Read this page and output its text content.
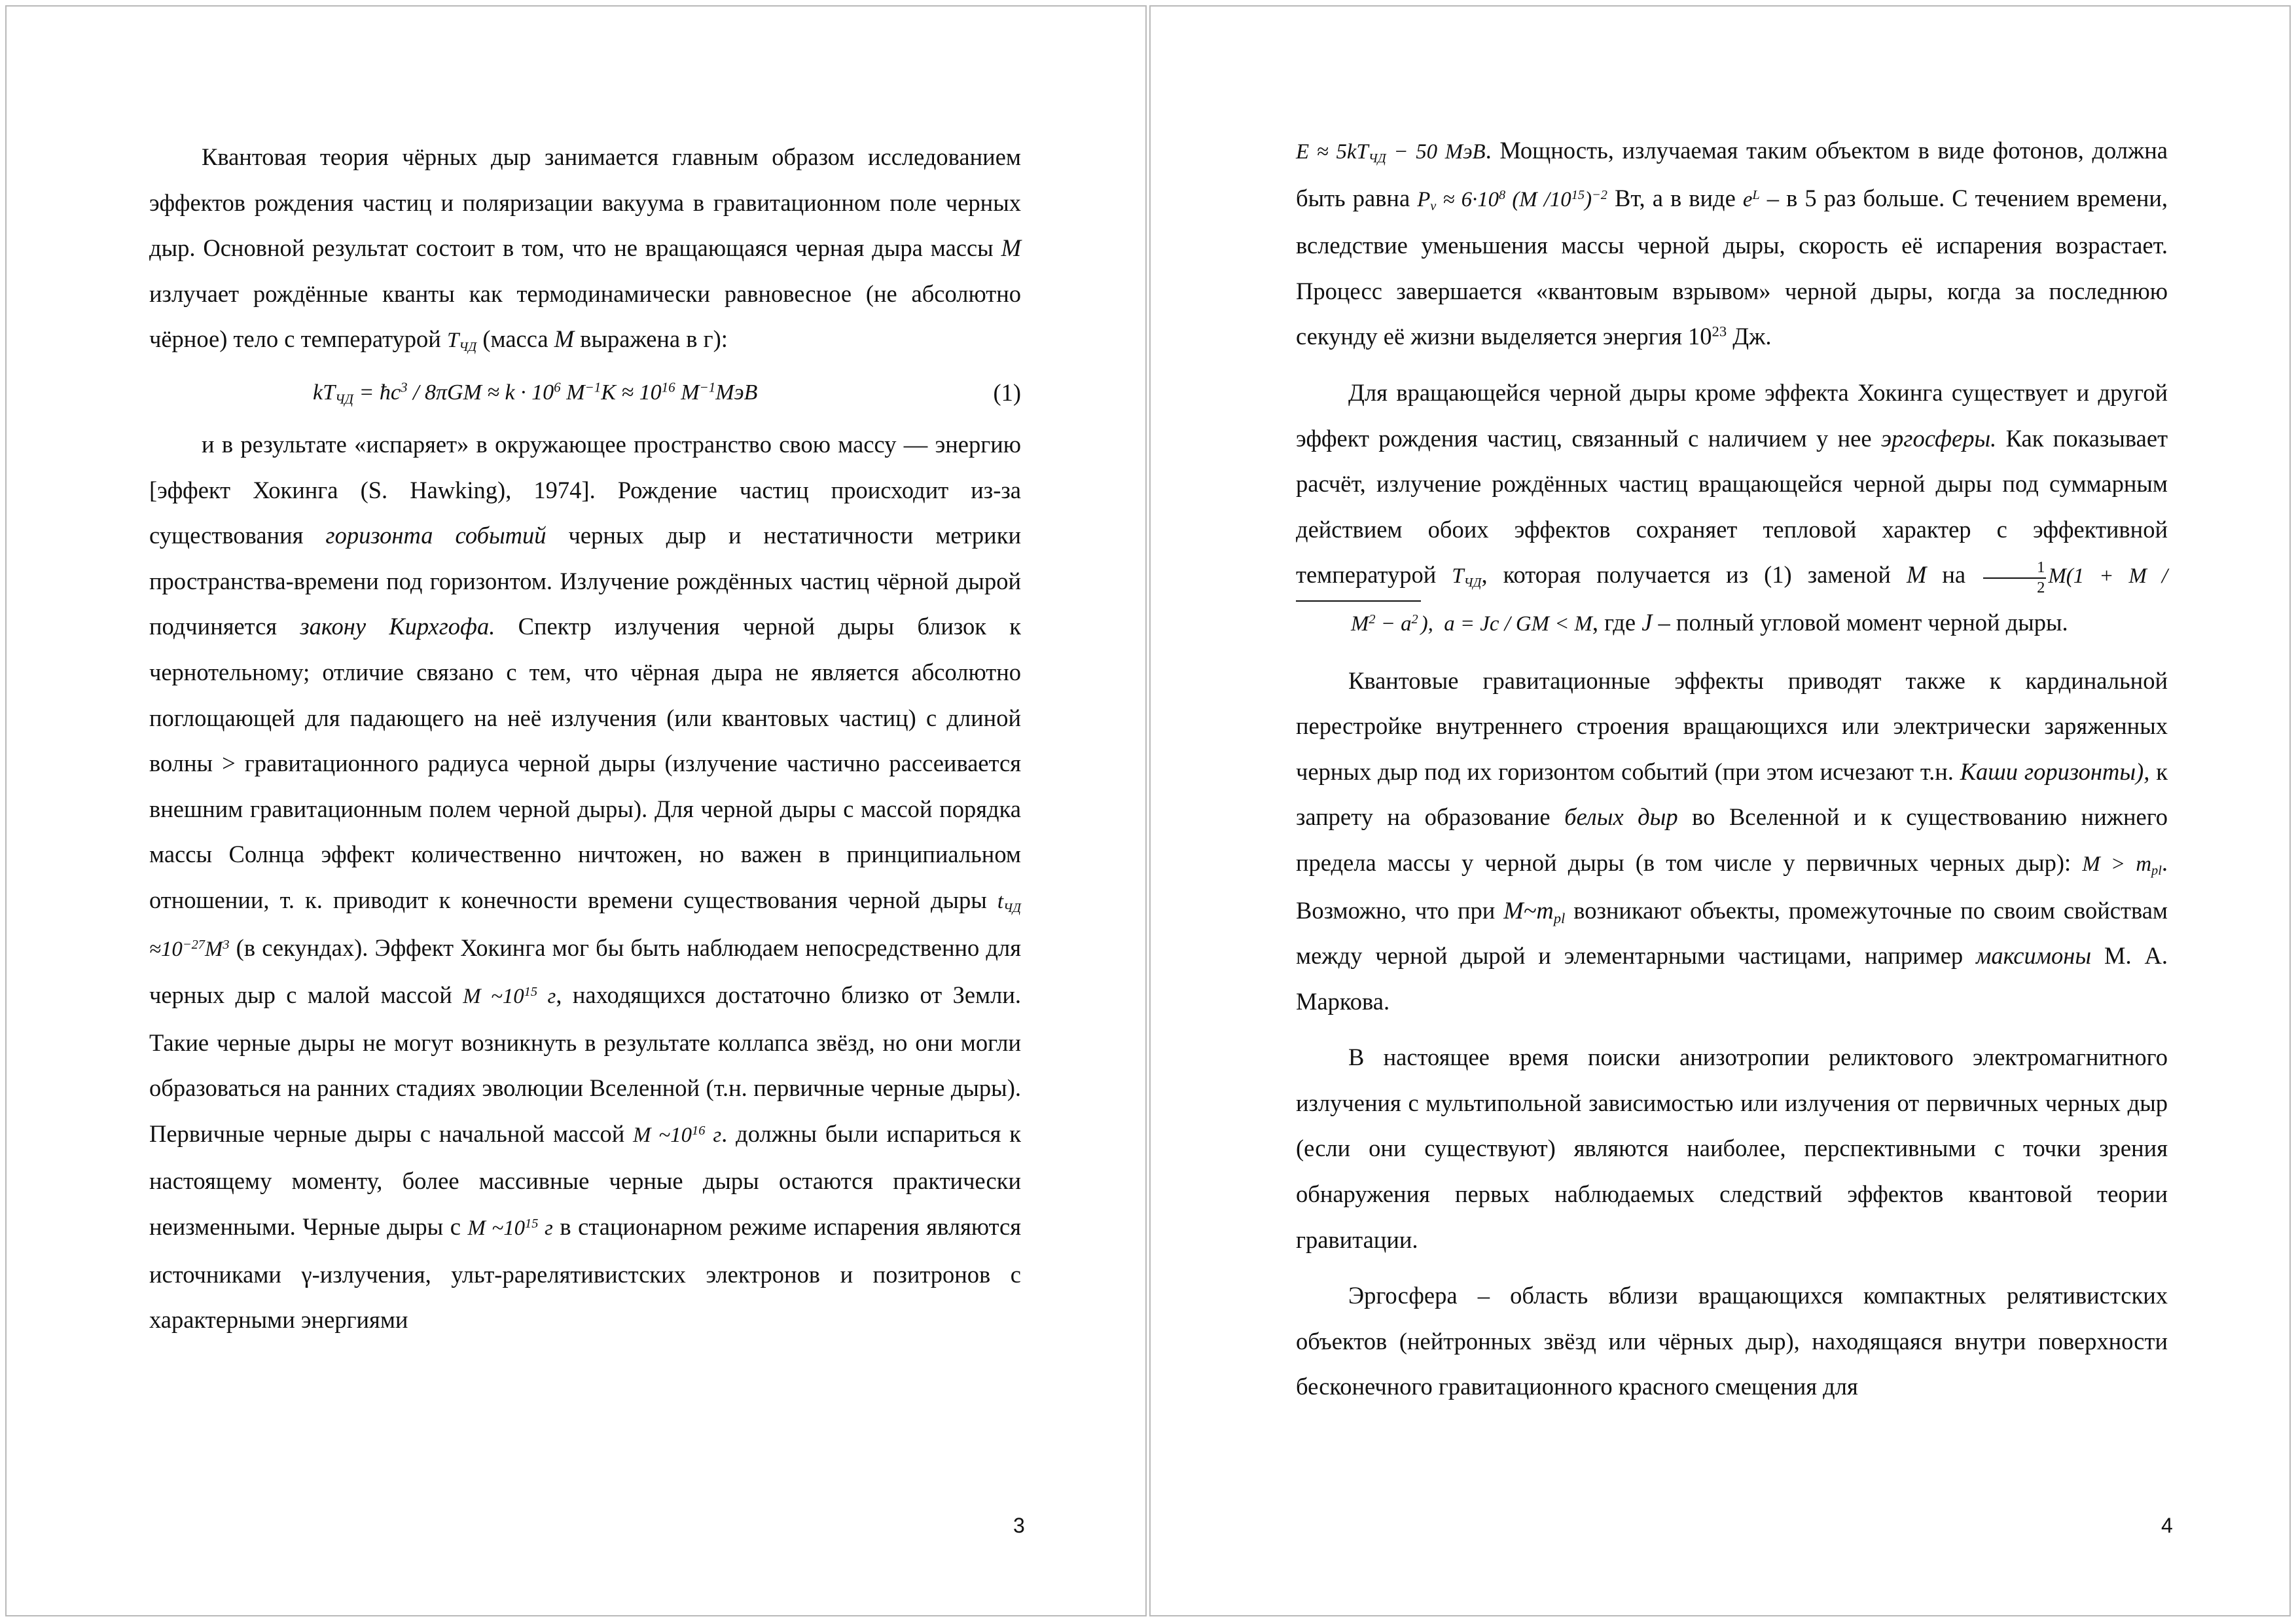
Квантовая теория чёрных дыр занимается главным образом исследованием эффектов рождения частиц и поляризации вакуума в гравитационном поле черных дыр. Основной результат состоит в том, что не вращающаяся черная дыра массы M излучает рождённые кванты как термодинамически равновесное (не абсолютно чёрное) тело с температурой $T_{ЧД}$ (масса M выражена в г):

$kT_{ЧД}$ = $ħc^3 / 8\pi GM \approx k \cdot 10^6$ $M^{-1}K \approx 10^{16}$ $M^{-1}МэВ$	(1)

и в результате «испаряет» в окружающее пространство свою массу — энергию [эффект Хокинга (S. Hawking), 1974]. Рождение частиц происходит из-за существования горизонта событий черных дыр и нестатичности метрики пространства-времени под горизонтом. Излучение рождённых частиц чёрной дырой подчиняется закону Кирхгофа. Спектр излучения черной дыры близок к чернотельному; отличие связано с тем, что чёрная дыра не является абсолютно поглощающей для падающего на неё излучения (или квантовых частиц) с длиной волны > гравитационного радиуса черной дыры (излучение частично рассеивается внешним гравитационным полем черной дыры). Для черной дыры с массой порядка массы Солнца эффект количественно ничтожен, но важен в принципиальном отношении, т. к. приводит к конечности времени существования черной дыры $t_{ЧД} \approx 10^{-27}M^3$ (в секундах). Эффект Хокинга мог бы быть наблюдаем непосредственно для черных дыр с малой массой M $\sim 10^{15}$ г, находящихся достаточно близко от Земли. Такие черные дыры не могут возникнуть в результате коллапса звёзд, но они могли образоваться на ранних стадиях эволюции Вселенной (т.н. первичные черные дыры). Первичные черные дыры с начальной массой M $\sim 10^{16}$ г. должны были испариться к настоящему моменту, более массивные черные дыры остаются практически неизменными. Черные дыры с M $\sim 10^{15}$ г в стационарном режиме испарения являются источниками γ-излучения, ульт-рарелятивистских электронов и позитронов с характерными энергиями

3

$E \approx 5kT_{ЧД} - 50$ МэВ. Мощность, излучаемая таким объектом в виде фотонов, должна быть равна $P_\nu \approx 6\cdot 10^8$ (M $/10^{15})^{-2}$ Вт, а в виде $e^L$ – в 5 раз больше. С течением времени, вследствие уменьшения массы черной дыры, скорость её испарения возрастает. Процесс завершается «квантовым взрывом» черной дыры, когда за последнюю секунду её жизни выделяется энергия $10^{23}$ Дж.

Для вращающейся черной дыры кроме эффекта Хокинга существует и другой эффект рождения частиц, связанный с наличием у нее эргосферы. Как показывает расчёт, излучение рождённых частиц вращающейся черной дыры под суммарным действием обоих эффектов сохраняет тепловой характер с эффективной температурой $T_{ЧД}$, которая получается из (1) заменой M на $\frac{1}{2} M(1 + M / M^2 - a^2$ ),  a = Jc / GM < M, где J – полный угловой момент черной дыры.

Квантовые гравитационные эффекты приводят также к кардинальной перестройке внутреннего строения вращающихся или электрически заряженных черных дыр под их горизонтом событий (при этом исчезают т.н. Каши горизонты), к запрету на образование белых дыр во Вселенной и к существованию нижнего предела массы у черной дыры (в том числе у первичных черных дыр): $M > m_{pl}$. Возможно, что при $M\sim m_{pl}$ возникают объекты, промежуточные по своим свойствам между черной дырой и элементарными частицами, например максимоны М. А. Маркова.

В настоящее время поиски анизотропии реликтового электромагнитного излучения с мультипольной зависимостью или излучения от первичных черных дыр (если они существуют) являются наиболее, перспективными с точки зрения обнаружения первых наблюдаемых следствий эффектов квантовой теории гравитации.

Эргосфера – область вблизи вращающихся компактных релятивистских объектов (нейтронных звёзд или чёрных дыр), находящаяся внутри поверхности бесконечного гравитационного красного смещения для

4
